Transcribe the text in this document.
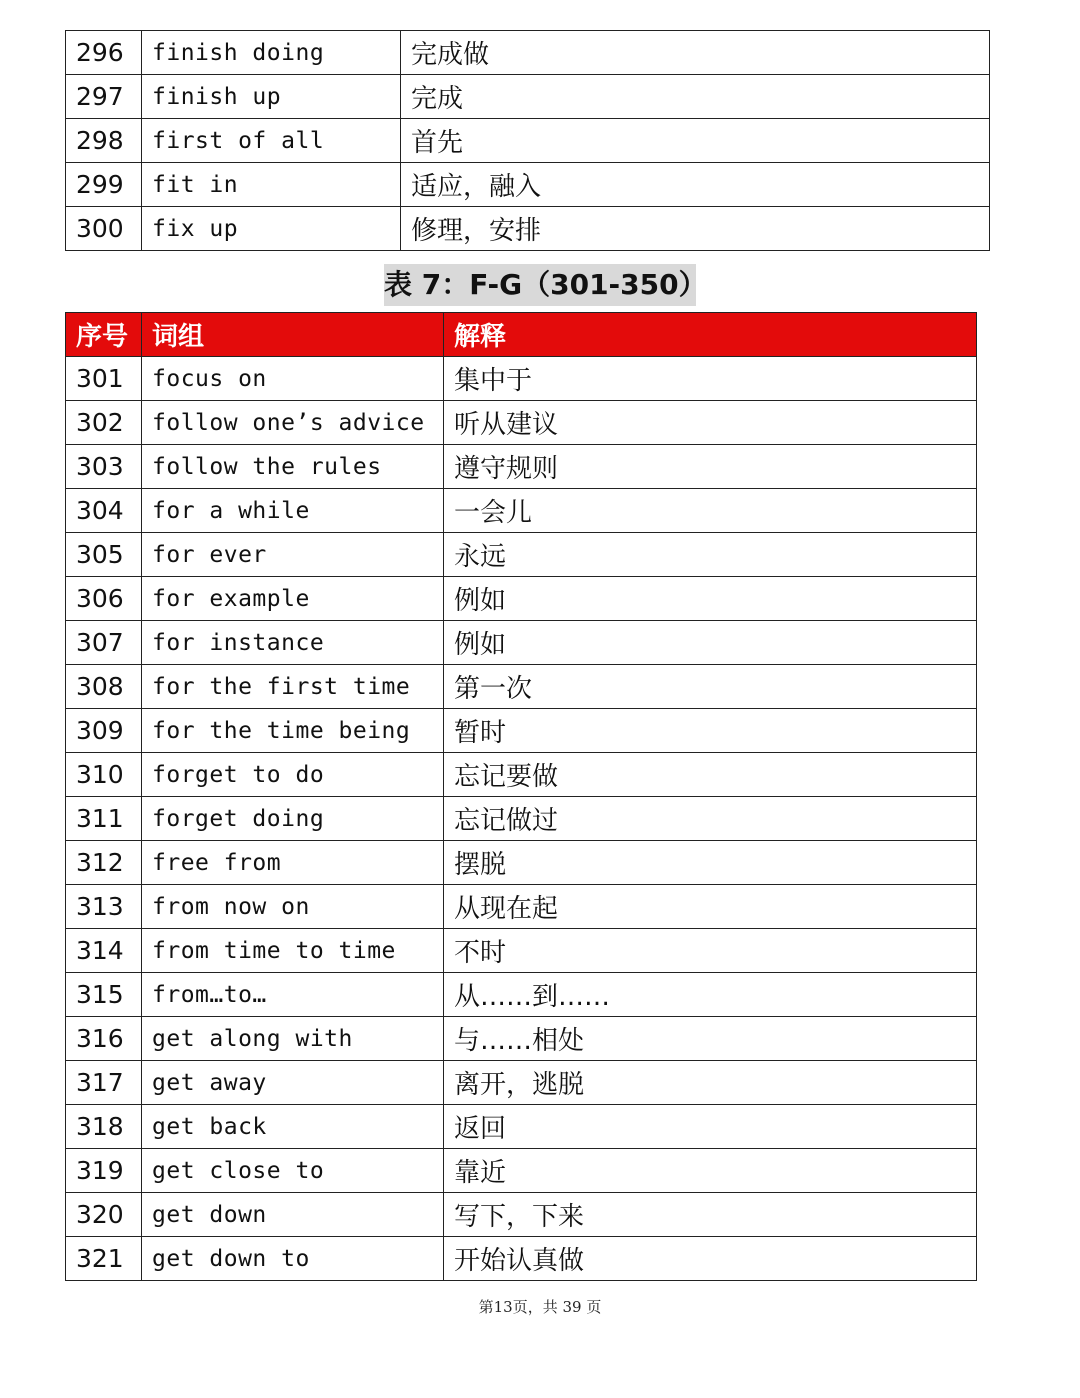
296	finish doing	完成做
297	finish up	完成
298	first of all	首先
299	fit in	适应，融入
300	fix up	修理，安排
表 7：F-G（301-350）
序号	词组	解释
301	focus on	集中于
302	follow one’s advice	听从建议
303	follow the rules	遵守规则
304	for a while	一会儿
305	for ever	永远
306	for example	例如
307	for instance	例如
308	for the first time	第一次
309	for the time being	暂时
310	forget to do	忘记要做
311	forget doing	忘记做过
312	free from	摆脱
313	from now on	从现在起
314	from time to time	不时
315	from…to…	从……到……
316	get along with	与……相处
317	get away	离开，逃脱
318	get back	返回
319	get close to	靠近
320	get down	写下，下来
321	get down to	开始认真做
第13页，共 39 页
